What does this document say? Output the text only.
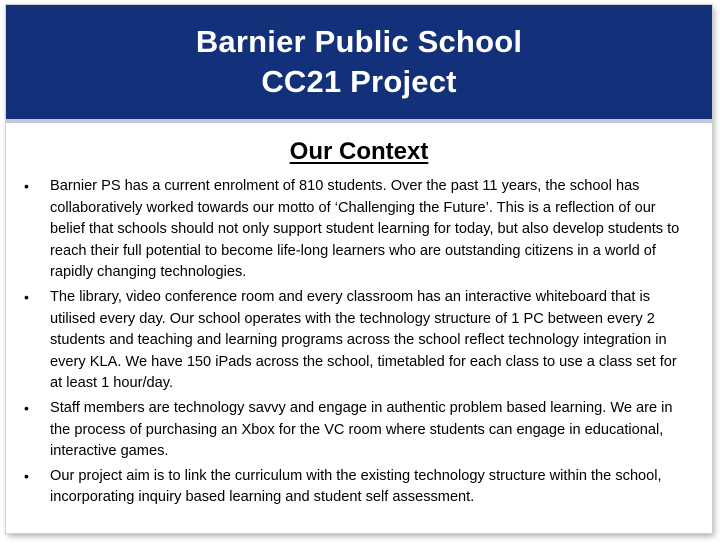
Barnier Public School
CC21 Project
Our Context
• Barnier PS has a current enrolment of 810 students. Over the past 11 years, the school has collaboratively worked towards our motto of ‘Challenging the Future’. This is a reflection of our belief that schools should not only support student learning for today, but also develop students to reach their full potential to become life-long learners who are outstanding citizens in a world of rapidly changing technologies.
• The library, video conference room and every classroom has an interactive whiteboard that is utilised every day. Our school operates with the technology structure of 1 PC between every 2 students and teaching and learning programs across the school reflect technology integration in every KLA. We have 150 iPads across the school, timetabled for each class to use a class set for at least 1 hour/day.
• Staff members are technology savvy and engage in authentic problem based learning. We are in the process of purchasing an Xbox for the VC room where students can engage in educational, interactive games.
• Our project aim is to link the curriculum with the existing technology structure within the school, incorporating inquiry based learning and student self assessment.
